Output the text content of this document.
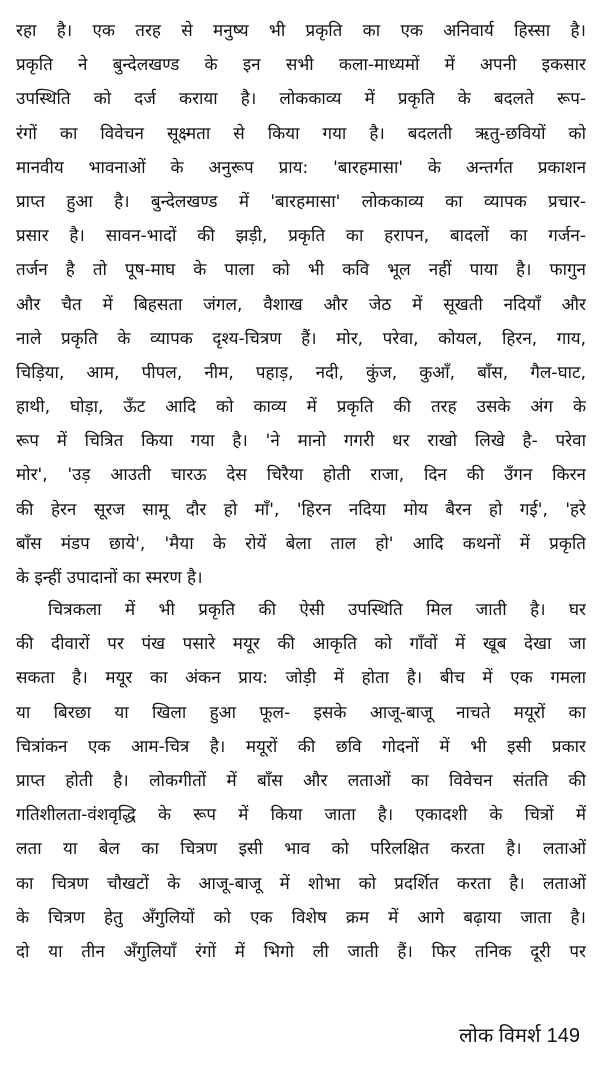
रहा है। एक तरह से मनुष्य भी प्रकृति का एक अनिवार्य हिस्सा है।
प्रकृति ने बुन्देलखण्ड के इन सभी कला-माध्यमों में अपनी इकसार
उपस्थिति को दर्ज कराया है। लोककाव्य में प्रकृति के बदलते रूप-
रंगों का विवेचन सूक्ष्मता से किया गया है। बदलती ऋतु-छवियों को
मानवीय भावनाओं के अनुरूप प्राय: 'बारहमासा' के अन्तर्गत प्रकाशन
प्राप्त हुआ है। बुन्देलखण्ड में 'बारहमासा' लोककाव्य का व्यापक प्रचार-
प्रसार है। सावन-भादों की झड़ी, प्रकृति का हरापन, बादलों का गर्जन-
तर्जन है तो पूष-माघ के पाला को भी कवि भूल नहीं पाया है। फागुन
और चैत में बिहसता जंगल, वैशाख और जेठ में सूखती नदियाँ और
नाले प्रकृति के व्यापक दृश्य-चित्रण हैं। मोर, परेवा, कोयल, हिरन, गाय,
चिड़िया, आम, पीपल, नीम, पहाड़, नदी, कुंज, कुआँ, बाँस, गैल-घाट,
हाथी, घोड़ा, ऊँट आदि को काव्य में प्रकृति की तरह उसके अंग के
रूप में चित्रित किया गया है। 'ने मानो गगरी धर राखो लिखे है- परेवा
मोर', 'उड़ आउती चारऊ देस चिरैया होती राजा, दिन की उँगन किरन
की हेरन सूरज सामू दौर हो माँ', 'हिरन नदिया मोय बैरन हो गई', 'हरे
बाँस मंडप छाये', 'मैया के रोयें बेला ताल हो' आदि कथनों में प्रकृति
के इन्हीं उपादानों का स्मरण है।
चित्रकला में भी प्रकृति की ऐसी उपस्थिति मिल जाती है। घर
की दीवारों पर पंख पसारे मयूर की आकृति को गाँवों में खूब देखा जा
सकता है। मयूर का अंकन प्राय: जोड़ी में होता है। बीच में एक गमला
या बिरछा या खिला हुआ फूल- इसके आजू-बाजू नाचते मयूरों का
चित्रांकन एक आम-चित्र है। मयूरों की छवि गोदनों में भी इसी प्रकार
प्राप्त होती है। लोकगीतों में बाँस और लताओं का विवेचन संतति की
गतिशीलता-वंशवृद्धि के रूप में किया जाता है। एकादशी के चित्रों में
लता या बेल का चित्रण इसी भाव को परिलक्षित करता है। लताओं
का चित्रण चौखटों के आजू-बाजू में शोभा को प्रदर्शित करता है। लताओं
के चित्रण हेतु अँगुलियों को एक विशेष क्रम में आगे बढ़ाया जाता है।
दो या तीन अँगुलियाँ रंगों में भिगो ली जाती हैं। फिर तनिक दूरी पर
लोक विमर्श 149
